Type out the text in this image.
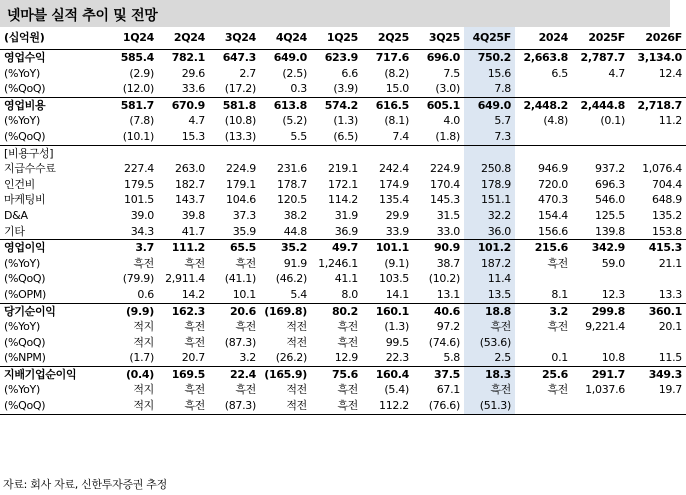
넷마블 실적 추이 및 전망
(십억원)	1Q24	2Q24	3Q24	4Q24	1Q25	2Q25	3Q25	4Q25F	2024	2025F	2026F
영업수익	585.4	782.1	647.3	649.0	623.9	717.6	696.0	750.2	2,663.8	2,787.7	3,134.0
(%YoY)	(2.9)	29.6	2.7	(2.5)	6.6	(8.2)	7.5	15.6	6.5	4.7	12.4
(%QoQ)	(12.0)	33.6	(17.2)	0.3	(3.9)	15.0	(3.0)	7.8			
영업비용	581.7	670.9	581.8	613.8	574.2	616.5	605.1	649.0	2,448.2	2,444.8	2,718.7
(%YoY)	(7.8)	4.7	(10.8)	(5.2)	(1.3)	(8.1)	4.0	5.7	(4.8)	(0.1)	11.2
(%QoQ)	(10.1)	15.3	(13.3)	5.5	(6.5)	7.4	(1.8)	7.3			
[비용구성]											
지급수수료	227.4	263.0	224.9	231.6	219.1	242.4	224.9	250.8	946.9	937.2	1,076.4
인건비	179.5	182.7	179.1	178.7	172.1	174.9	170.4	178.9	720.0	696.3	704.4
마케팅비	101.5	143.7	104.6	120.5	114.2	135.4	145.3	151.1	470.3	546.0	648.9
D&A	39.0	39.8	37.3	38.2	31.9	29.9	31.5	32.2	154.4	125.5	135.2
기타	34.3	41.7	35.9	44.8	36.9	33.9	33.0	36.0	156.6	139.8	153.8
영업이익	3.7	111.2	65.5	35.2	49.7	101.1	90.9	101.2	215.6	342.9	415.3
(%YoY)	흑전	흑전	흑전	91.9	1,246.1	(9.1)	38.7	187.2	흑전	59.0	21.1
(%QoQ)	(79.9)	2,911.4	(41.1)	(46.2)	41.1	103.5	(10.2)	11.4			
(%OPM)	0.6	14.2	10.1	5.4	8.0	14.1	13.1	13.5	8.1	12.3	13.3
당기순이익	(9.9)	162.3	20.6	(169.8)	80.2	160.1	40.6	18.8	3.2	299.8	360.1
(%YoY)	적지	흑전	흑전	적전	흑전	(1.3)	97.2	흑전	흑전	9,221.4	20.1
(%QoQ)	적지	흑전	(87.3)	적전	흑전	99.5	(74.6)	(53.6)			
(%NPM)	(1.7)	20.7	3.2	(26.2)	12.9	22.3	5.8	2.5	0.1	10.8	11.5
지배기업순이익	(0.4)	169.5	22.4	(165.9)	75.6	160.4	37.5	18.3	25.6	291.7	349.3
(%YoY)	적지	흑전	흑전	적전	흑전	(5.4)	67.1	흑전	흑전	1,037.6	19.7
(%QoQ)	적지	흑전	(87.3)	적전	흑전	112.2	(76.6)	(51.3)			
자료: 회사 자료, 신한투자증권 추정
